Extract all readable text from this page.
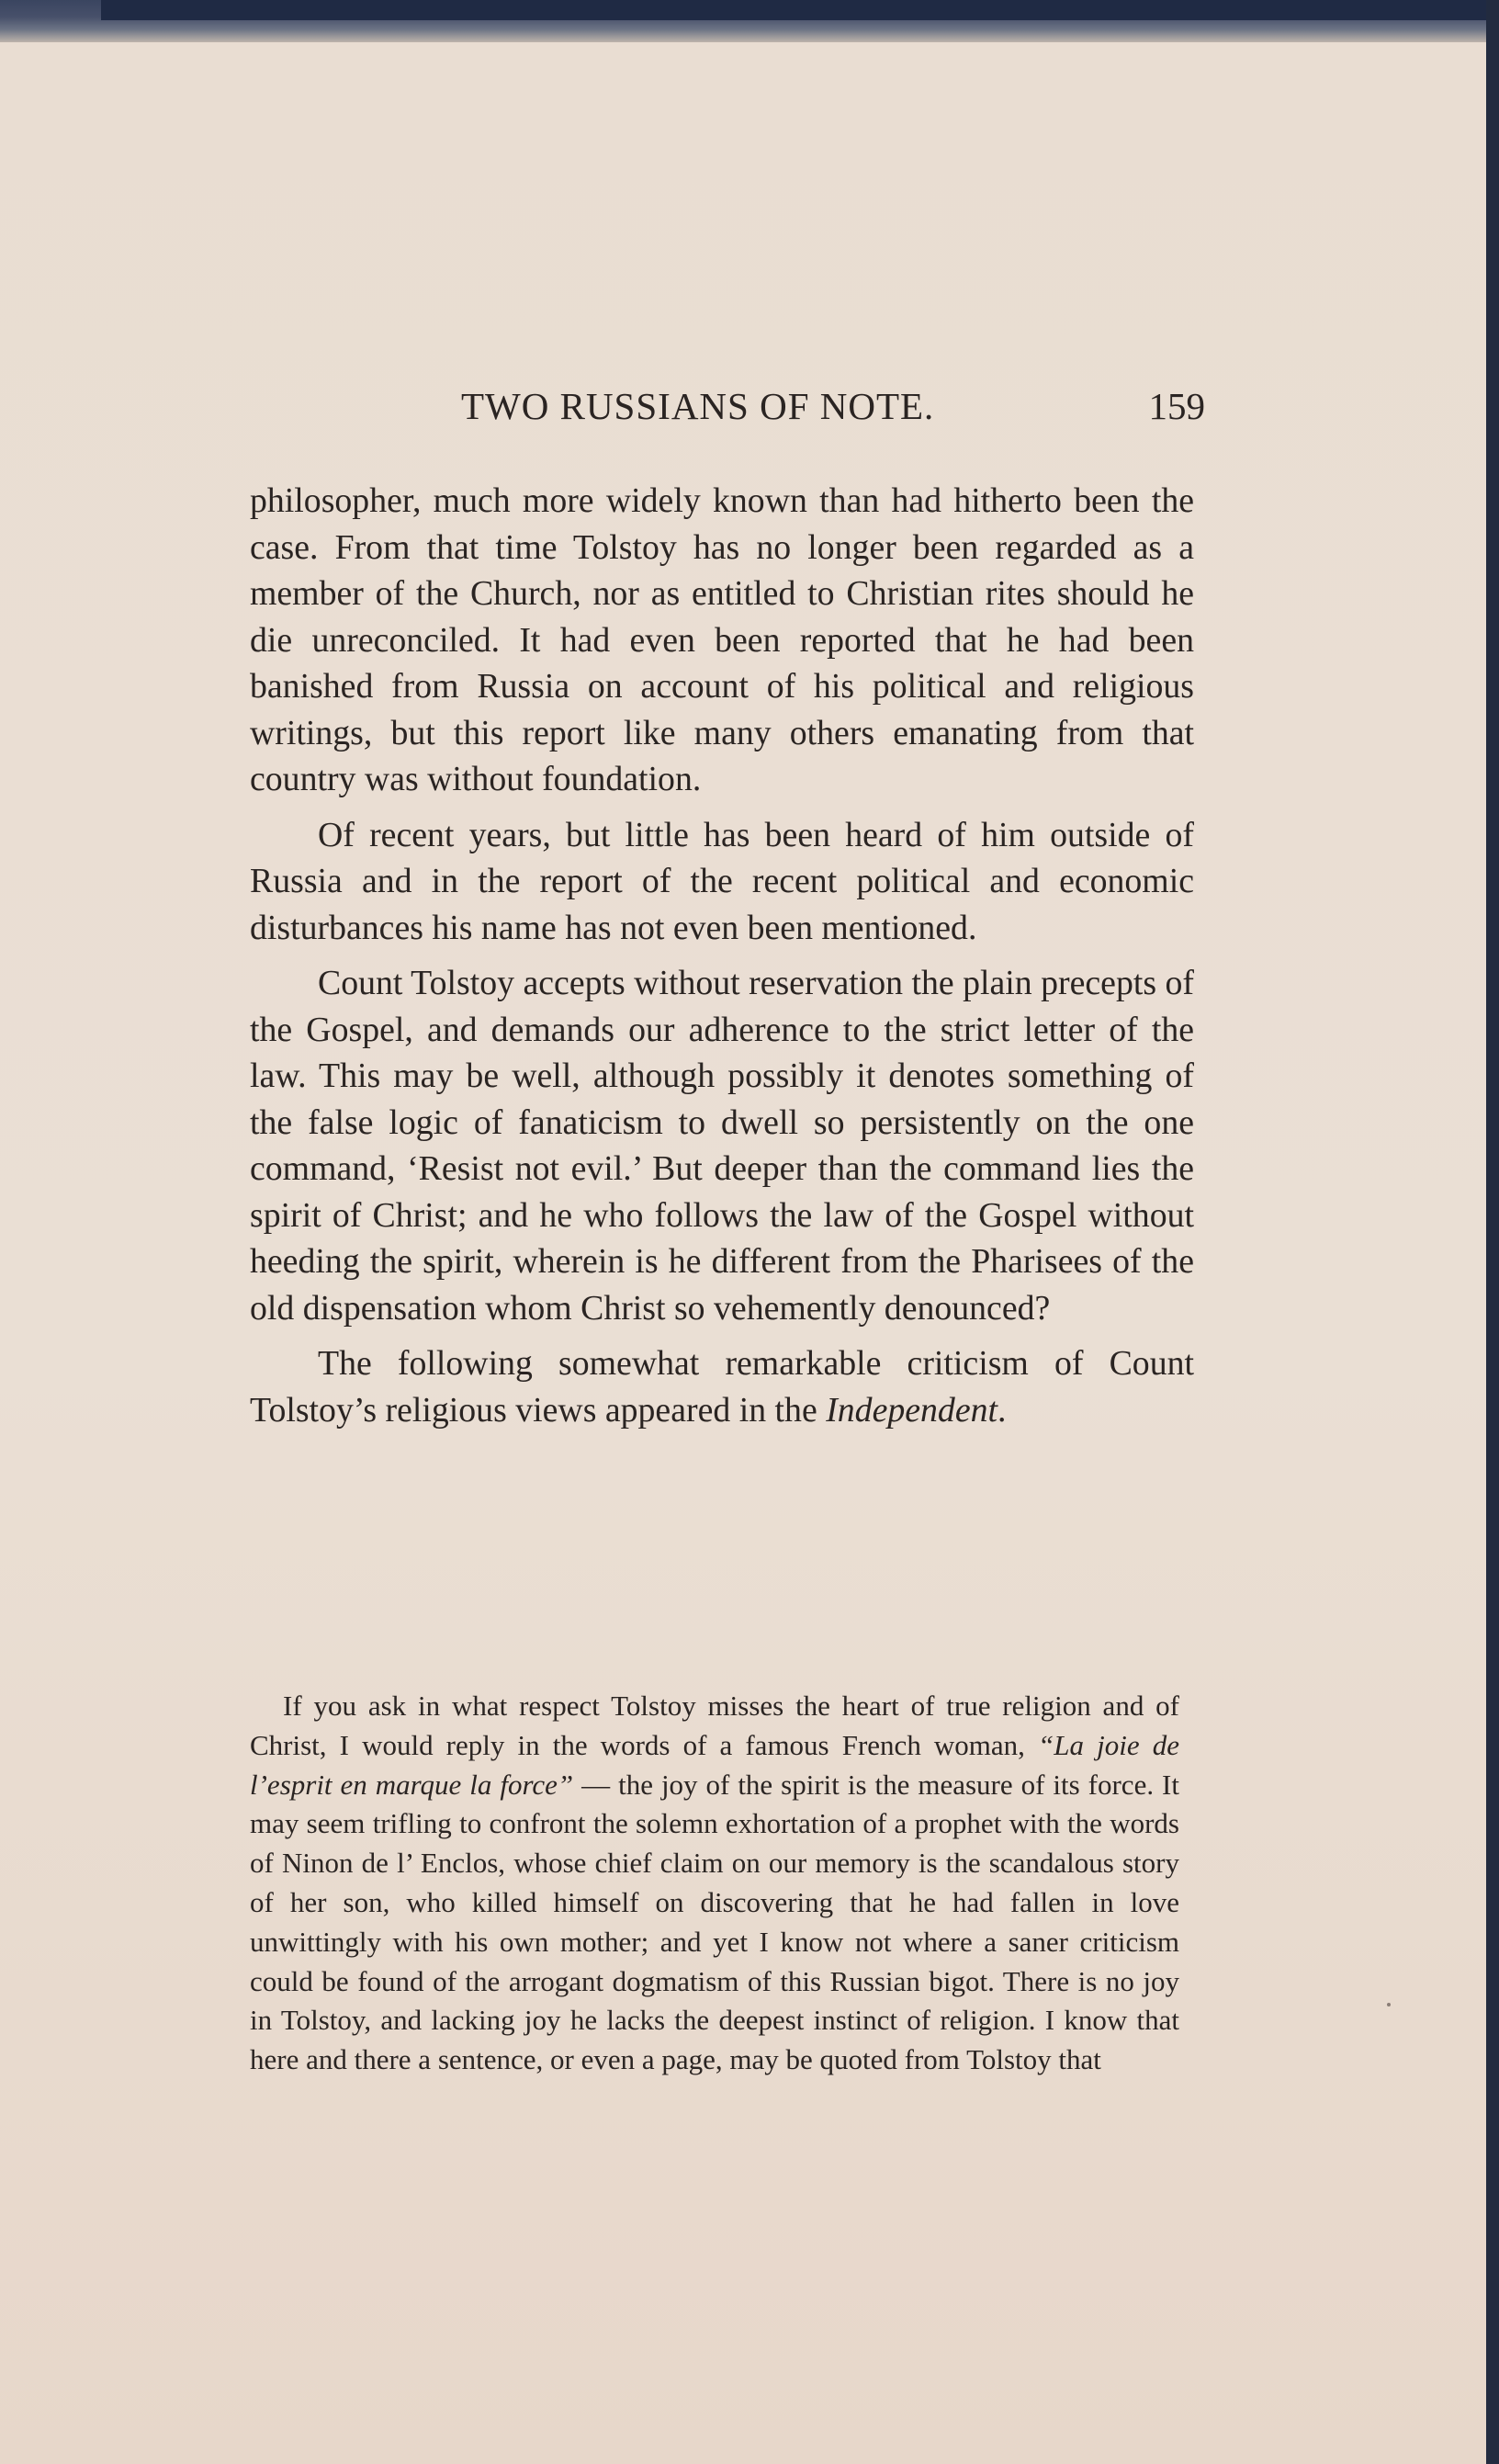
TWO RUSSIANS OF NOTE.	159

philosopher, much more widely known than had hitherto been the case. From that time Tolstoy has no longer been regarded as a member of the Church, nor as entitled to Christian rites should he die unreconciled. It had even been reported that he had been banished from Russia on account of his political and religious writings, but this report like many others emanating from that country was without foundation.

Of recent years, but little has been heard of him outside of Russia and in the report of the recent political and economic disturbances his name has not even been mentioned.

Count Tolstoy accepts without reservation the plain precepts of the Gospel, and demands our adherence to the strict letter of the law. This may be well, although possibly it denotes something of the false logic of fanaticism to dwell so persistently on the one command, ‘Resist not evil.’ But deeper than the command lies the spirit of Christ; and he who follows the law of the Gospel without heeding the spirit, wherein is he different from the Pharisees of the old dispensation whom Christ so vehemently denounced?

The following somewhat remarkable criticism of Count Tolstoy’s religious views appeared in the Independent.

If you ask in what respect Tolstoy misses the heart of true religion and of Christ, I would reply in the words of a famous French woman, “La joie de l’esprit en marque la force” — the joy of the spirit is the measure of its force. It may seem trifling to confront the solemn exhortation of a prophet with the words of Ninon de l’ Enclos, whose chief claim on our memory is the scandalous story of her son, who killed himself on discovering that he had fallen in love unwittingly with his own mother; and yet I know not where a saner criticism could be found of the arrogant dogmatism of this Russian bigot. There is no joy in Tolstoy, and lacking joy he lacks the deepest instinct of religion. I know that here and there a sentence, or even a page, may be quoted from Tolstoy that
